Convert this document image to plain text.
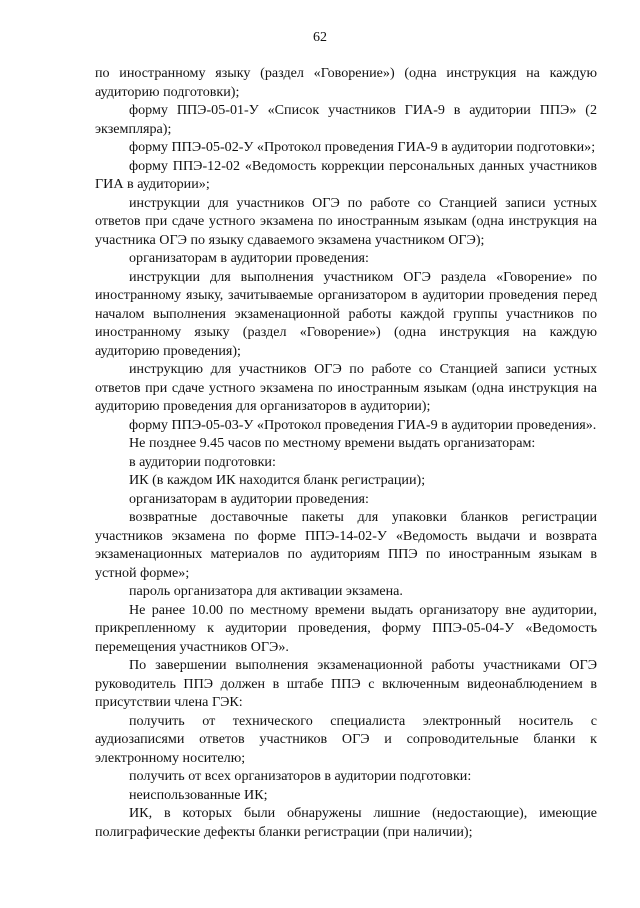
62

по иностранному языку (раздел «Говорение») (одна инструкция на каждую аудиторию подготовки);

форму ППЭ-05-01-У «Список участников ГИА-9 в аудитории ППЭ» (2 экземпляра);

форму ППЭ-05-02-У «Протокол проведения ГИА-9 в аудитории подготовки»;

форму ППЭ-12-02 «Ведомость коррекции персональных данных участников ГИА в аудитории»;

инструкции для участников ОГЭ по работе со Станцией записи устных ответов при сдаче устного экзамена по иностранным языкам (одна инструкция на участника ОГЭ по языку сдаваемого экзамена участником ОГЭ);

организаторам в аудитории проведения:

инструкции для выполнения участником ОГЭ раздела «Говорение» по иностранному языку, зачитываемые организатором в аудитории проведения перед началом выполнения экзаменационной работы каждой группы участников по иностранному языку (раздел «Говорение») (одна инструкция на каждую аудиторию проведения);

инструкцию для участников ОГЭ по работе со Станцией записи устных ответов при сдаче устного экзамена по иностранным языкам (одна инструкция на аудиторию проведения для организаторов в аудитории);

форму ППЭ-05-03-У «Протокол проведения ГИА-9 в аудитории проведения».

Не позднее 9.45 часов по местному времени выдать организаторам:

в аудитории подготовки:

ИК (в каждом ИК находится бланк регистрации);

организаторам в аудитории проведения:

возвратные доставочные пакеты для упаковки бланков регистрации участников экзамена по форме ППЭ-14-02-У «Ведомость выдачи и возврата экзаменационных материалов по аудиториям ППЭ по иностранным языкам в устной форме»;

пароль организатора для активации экзамена.

Не ранее 10.00 по местному времени выдать организатору вне аудитории, прикрепленному к аудитории проведения, форму ППЭ-05-04-У «Ведомость перемещения участников ОГЭ».

По завершении выполнения экзаменационной работы участниками ОГЭ руководитель ППЭ должен в штабе ППЭ с включенным видеонаблюдением в присутствии члена ГЭК:

получить от технического специалиста электронный носитель с аудиозаписями ответов участников ОГЭ и сопроводительные бланки к электронному носителю;

получить от всех организаторов в аудитории подготовки:

неиспользованные ИК;

ИК, в которых были обнаружены лишние (недостающие), имеющие полиграфические дефекты бланки регистрации (при наличии);
